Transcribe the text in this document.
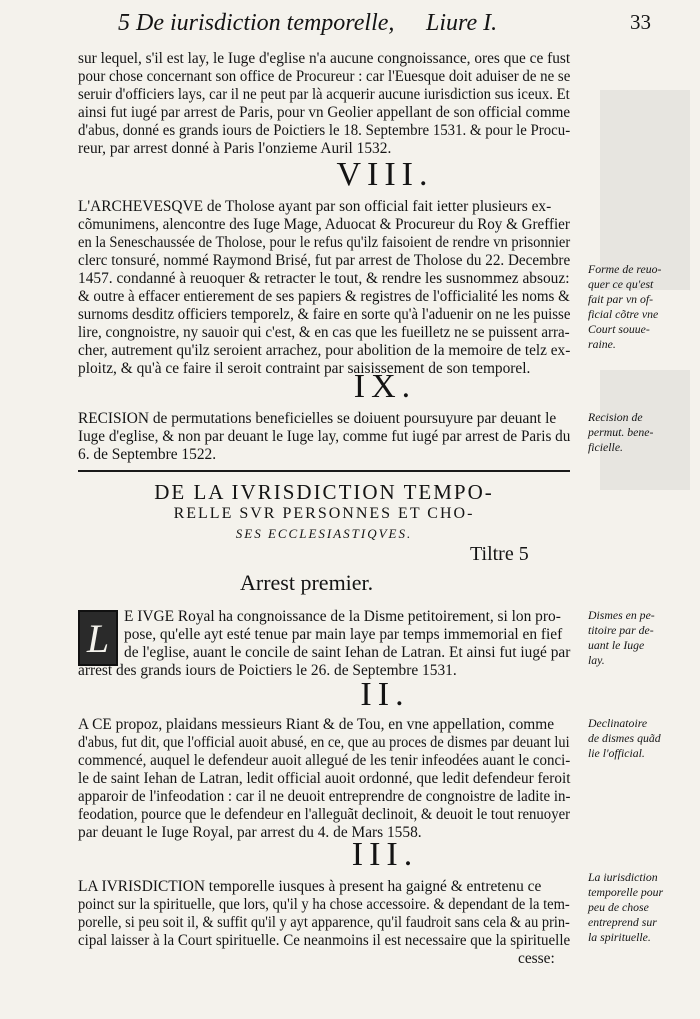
5 De iurisdiction temporelle, Liure I.	33
sur lequel, s'il est lay, le Iuge d'eglise n'a aucune congnoissance, ores que ce fust
pour chose concernant son office de Procureur : car l'Euesque doit aduiser de ne se
seruir d'officiers lays, car il ne peut par là acquerir aucune iurisdiction sus iceux. Et
ainsi fut iugé par arrest de Paris, pour vn Geolier appellant de son official comme
d'abus, donné es grands iours de Poictiers le 18. Septembre 1531. & pour le Procu-
reur, par arrest donné à Paris l'onzieme Auril 1532.
VIII.
L'ARCHEVESQVE de Tholose ayant par son official fait ietter plusieurs ex-
cõmunimens, alencontre des Iuge Mage, Aduocat & Procureur du Roy & Greffier
en la Seneschaussée de Tholose, pour le refus qu'ilz faisoient de rendre vn prisonnier
clerc tonsuré, nommé Raymond Brisé, fut par arrest de Tholose du 22. Decembre
1457. condanné à reuoquer & retracter le tout, & rendre les susnommez absouz:
& outre à effacer entierement de ses papiers & registres de l'officialité les noms &
surnoms desditz officiers temporelz, & faire en sorte qu'à l'aduenir on ne les puisse
lire, congnoistre, ny sauoir qui c'est, & en cas que les fueilletz ne se puissent arra-
cher, autrement qu'ilz seroient arrachez, pour abolition de la memoire de telz ex-
ploitz, & qu'à ce faire il seroit contraint par saisissement de son temporel.
IX.
RECISION de permutations beneficielles se doiuent poursuyure par deuant le
Iuge d'eglise, & non par deuant le Iuge lay, comme fut iugé par arrest de Paris du
6. de Septembre 1522.
DE LA IVRISDICTION TEMPO-
RELLE SVR PERSONNES ET CHO-
SES ECCLESIASTIQVES.
Tiltre 5
Arrest premier.
L E IVGE Royal ha congnoissance de la Disme petitoirement, si lon pro-
pose, qu'elle ayt esté tenue par main laye par temps immemorial en fief
de l'eglise, auant le concile de saint Iehan de Latran. Et ainsi fut iugé par
arrest des grands iours de Poictiers le 26. de Septembre 1531.
II.
A CE propoz, plaidans messieurs Riant & de Tou, en vne appellation, comme
d'abus, fut dit, que l'official auoit abusé, en ce, que au proces de dismes par deuant lui
commencé, auquel le defendeur auoit allegué de les tenir infeodées auant le conci-
le de saint Iehan de Latran, ledit official auoit ordonné, que ledit defendeur feroit
apparoir de l'infeodation : car il ne deuoit entreprendre de congnoistre de ladite in-
feodation, pource que le defendeur en l'alleguãt declinoit, & deuoit le tout renuoyer
par deuant le Iuge Royal, par arrest du 4. de Mars 1558.
III.
LA IVRISDICTION temporelle iusques à present ha gaigné & entretenu ce
poinct sur la spirituelle, que lors, qu'il y ha chose accessoire. & dependant de la tem-
porelle, si peu soit il, & suffit qu'il y ayt apparence, qu'il faudroit sans cela & au prin-
cipal laisser à la Court spirituelle. Ce neanmoins il est necessaire que la spirituelle
cesse:
Forme de reuo-
quer ce qu'est
fait par vn of-
ficial cõtre vne
Court souue-
raine.
Recision de
permut. bene-
ficielle.
Dismes en pe-
titoire par de-
uant le Iuge
lay.
Declinatoire
de dismes quãd
lie l'official.
La iurisdiction
temporelle pour
peu de chose
entreprend sur
la spirituelle.
